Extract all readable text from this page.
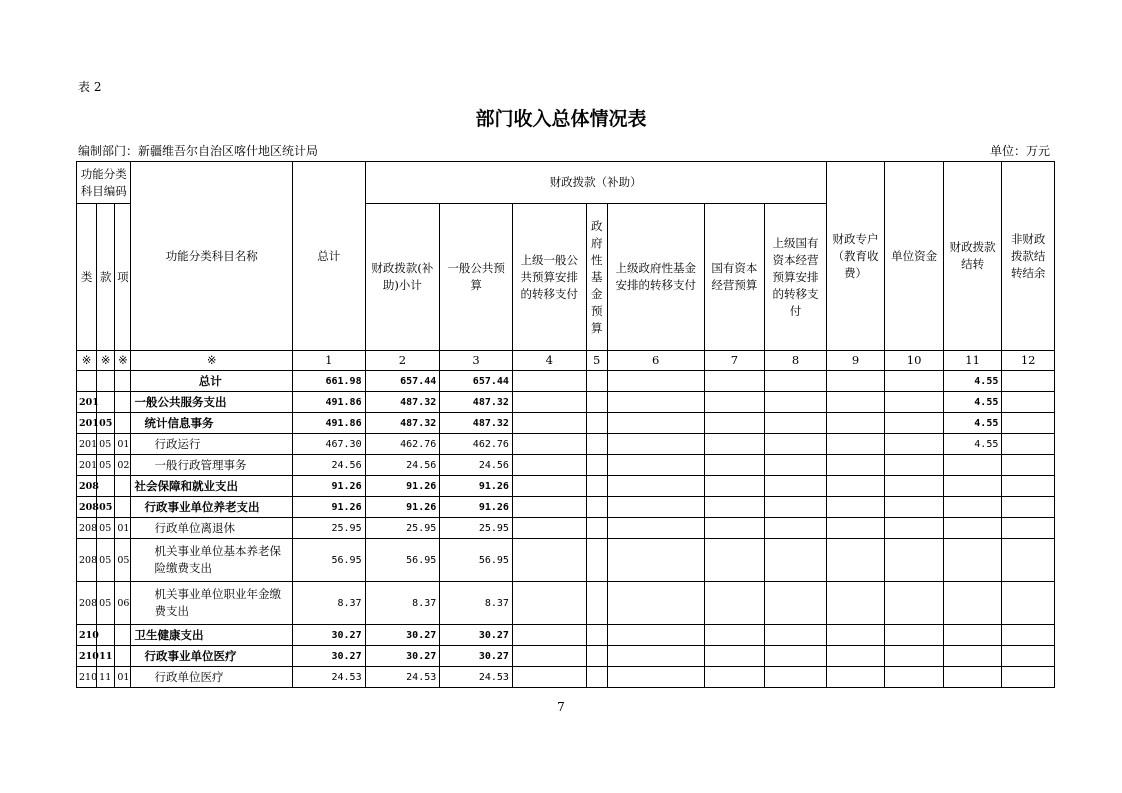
表 2
部门收入总体情况表
编制部门：新疆维吾尔自治区喀什地区统计局	单位：万元
功能分类科目编码			功能分类科目名称	总计	财政拨款（补助）							财政专户（教育收费）	单位资金	财政拨款结转	非财政拨款结转结余
类	款	项			财政拨款(补助)小计	一般公共预算	上级一般公共预算安排的转移支付	政府性基金预算	上级政府性基金安排的转移支付	国有资本经营预算	上级国有资本经营预算安排的转移支付				
※	※	※	※	1	2	3	4	5	6	7	8	9	10	11	12
			总计	661.98	657.44	657.44								4.55	
201			一般公共服务支出	491.86	487.32	487.32								4.55	
201	05		统计信息事务	491.86	487.32	487.32								4.55	
201	05	01	行政运行	467.30	462.76	462.76								4.55	
201	05	02	一般行政管理事务	24.56	24.56	24.56									
208			社会保障和就业支出	91.26	91.26	91.26									
208	05		行政事业单位养老支出	91.26	91.26	91.26									
208	05	01	行政单位离退休	25.95	25.95	25.95									
208	05	05	机关事业单位基本养老保险缴费支出	56.95	56.95	56.95									
208	05	06	机关事业单位职业年金缴费支出	8.37	8.37	8.37									
210			卫生健康支出	30.27	30.27	30.27									
210	11		行政事业单位医疗	30.27	30.27	30.27									
210	11	01	行政单位医疗	24.53	24.53	24.53									
7
